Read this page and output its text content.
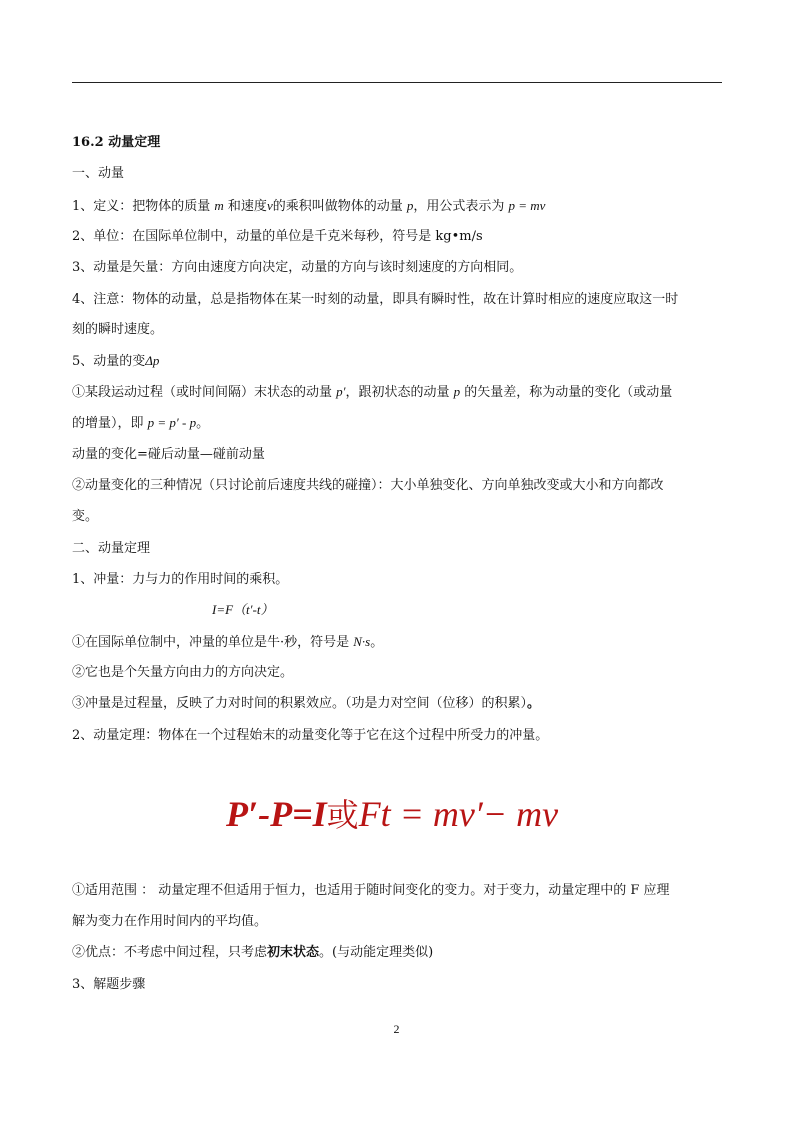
16.2 动量定理
一、动量
1、定义：把物体的质量 m 和速度v的乘积叫做物体的动量 p，用公式表示为 p = mv
2、单位：在国际单位制中，动量的单位是千克米每秒，符号是 kg•m/s
3、动量是矢量：方向由速度方向决定，动量的方向与该时刻速度的方向相同。
4、注意：物体的动量，总是指物体在某一时刻的动量，即具有瞬时性，故在计算时相应的速度应取这一时
刻的瞬时速度。
5、动量的变Δp
①某段运动过程（或时间间隔）末状态的动量 p′，跟初状态的动量 p 的矢量差，称为动量的变化（或动量
的增量），即 p = p′ - p。
动量的变化=碰后动量—碰前动量
②动量变化的三种情况（只讨论前后速度共线的碰撞）：大小单独变化、方向单独改变或大小和方向都改
变。
二、动量定理
1、冲量：力与力的作用时间的乘积。
I=F（t′-t）
①在国际单位制中，冲量的单位是牛·秒，符号是 N·s。
②它也是个矢量方向由力的方向决定。
③冲量是过程量，反映了力对时间的积累效应。（功是力对空间（位移）的积累）。
2、动量定理：物体在一个过程始末的动量变化等于它在这个过程中所受力的冲量。
P′-P=I或Ft = mv′− mv
①适用范围 ： 动量定理不但适用于恒力，也适用于随时间变化的变力。对于变力，动量定理中的 F 应理
解为变力在作用时间内的平均值。
②优点：不考虑中间过程，只考虑初末状态。(与动能定理类似)
3、解题步骤
2
